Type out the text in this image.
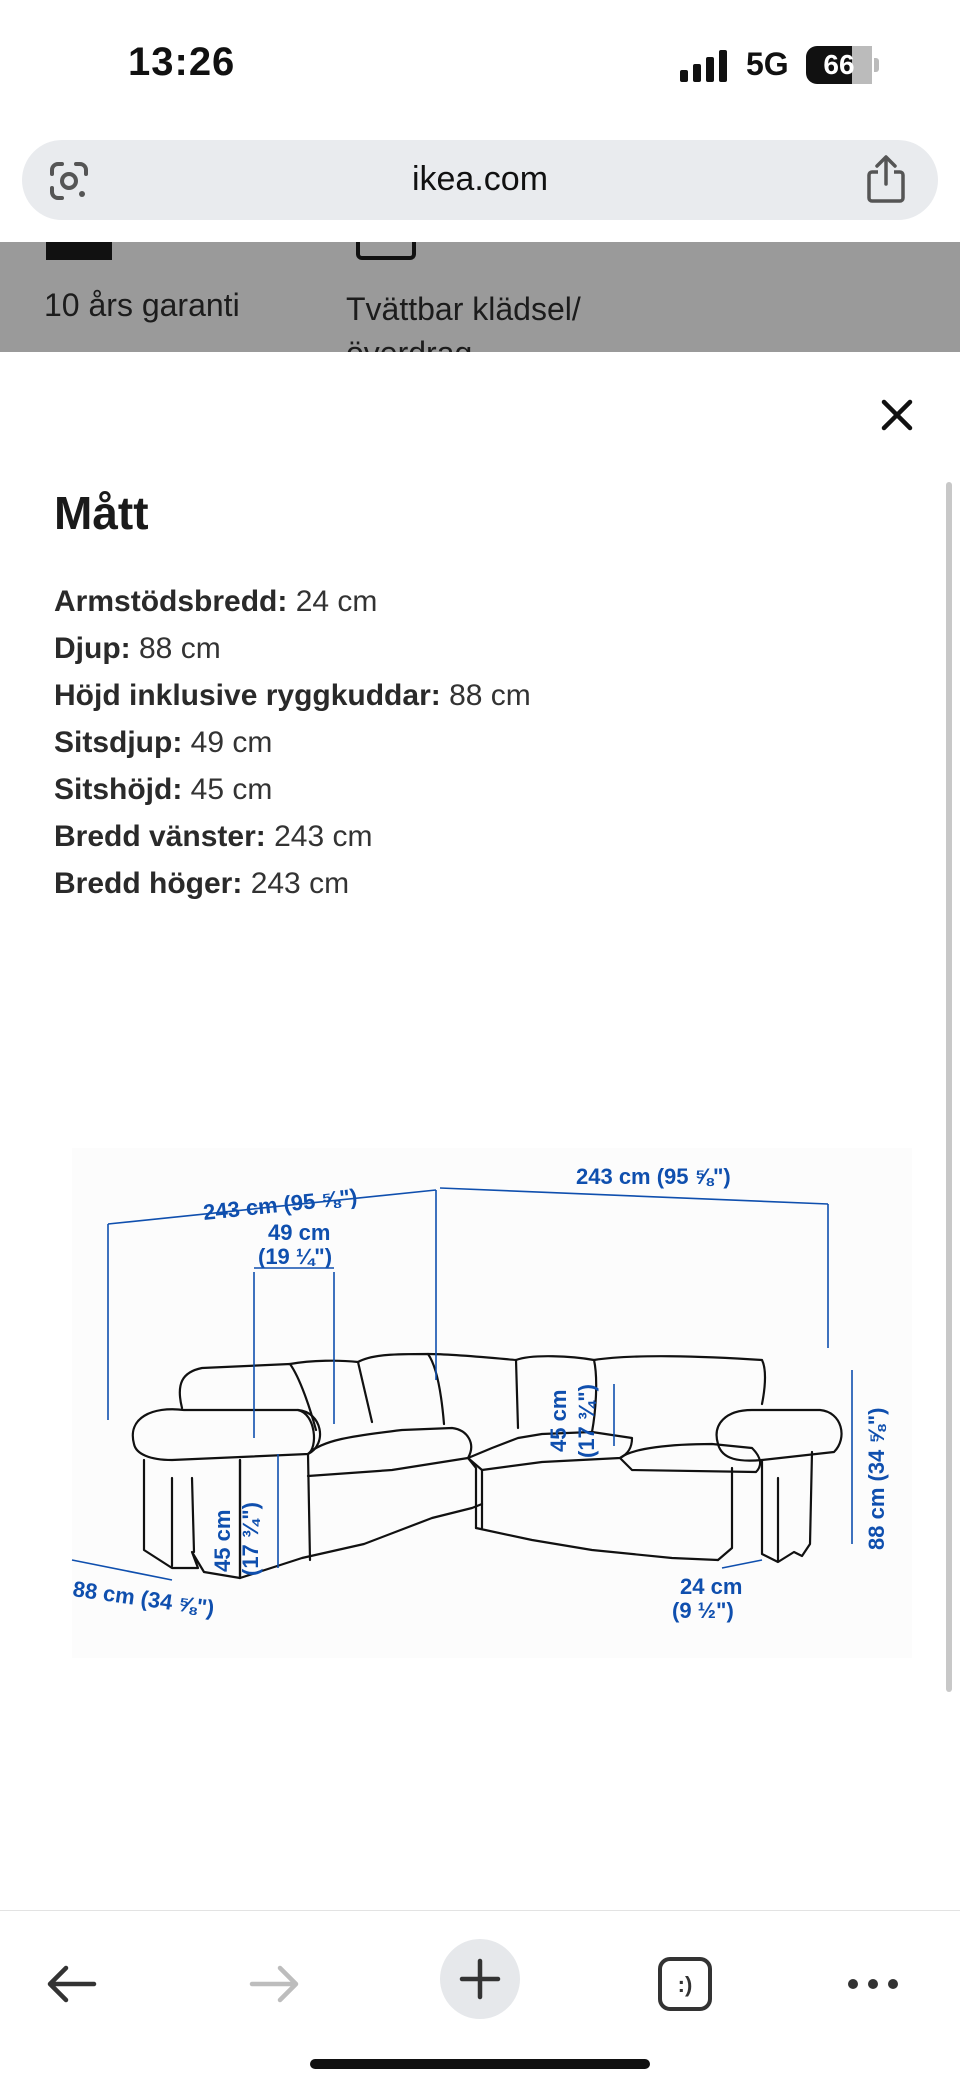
13:26	5G	66
ikea.com
10 års garanti	Tvättbar klädsel/
Mått
Armstödsbredd: 24 cm
Djup: 88 cm
Höjd inklusive ryggkuddar: 88 cm
Sitsdjup: 49 cm
Sitshöjd: 45 cm
Bredd vänster: 243 cm
Bredd höger: 243 cm
243 cm (95 ⅝")
243 cm (95 ⅝")
49 cm
(19 ¼")
45 cm (17 ¾")
45 cm (17 ¾")	88 cm (34 ⅝")
88 cm (34 ⅝")	24 cm
(9 ½")
:)
